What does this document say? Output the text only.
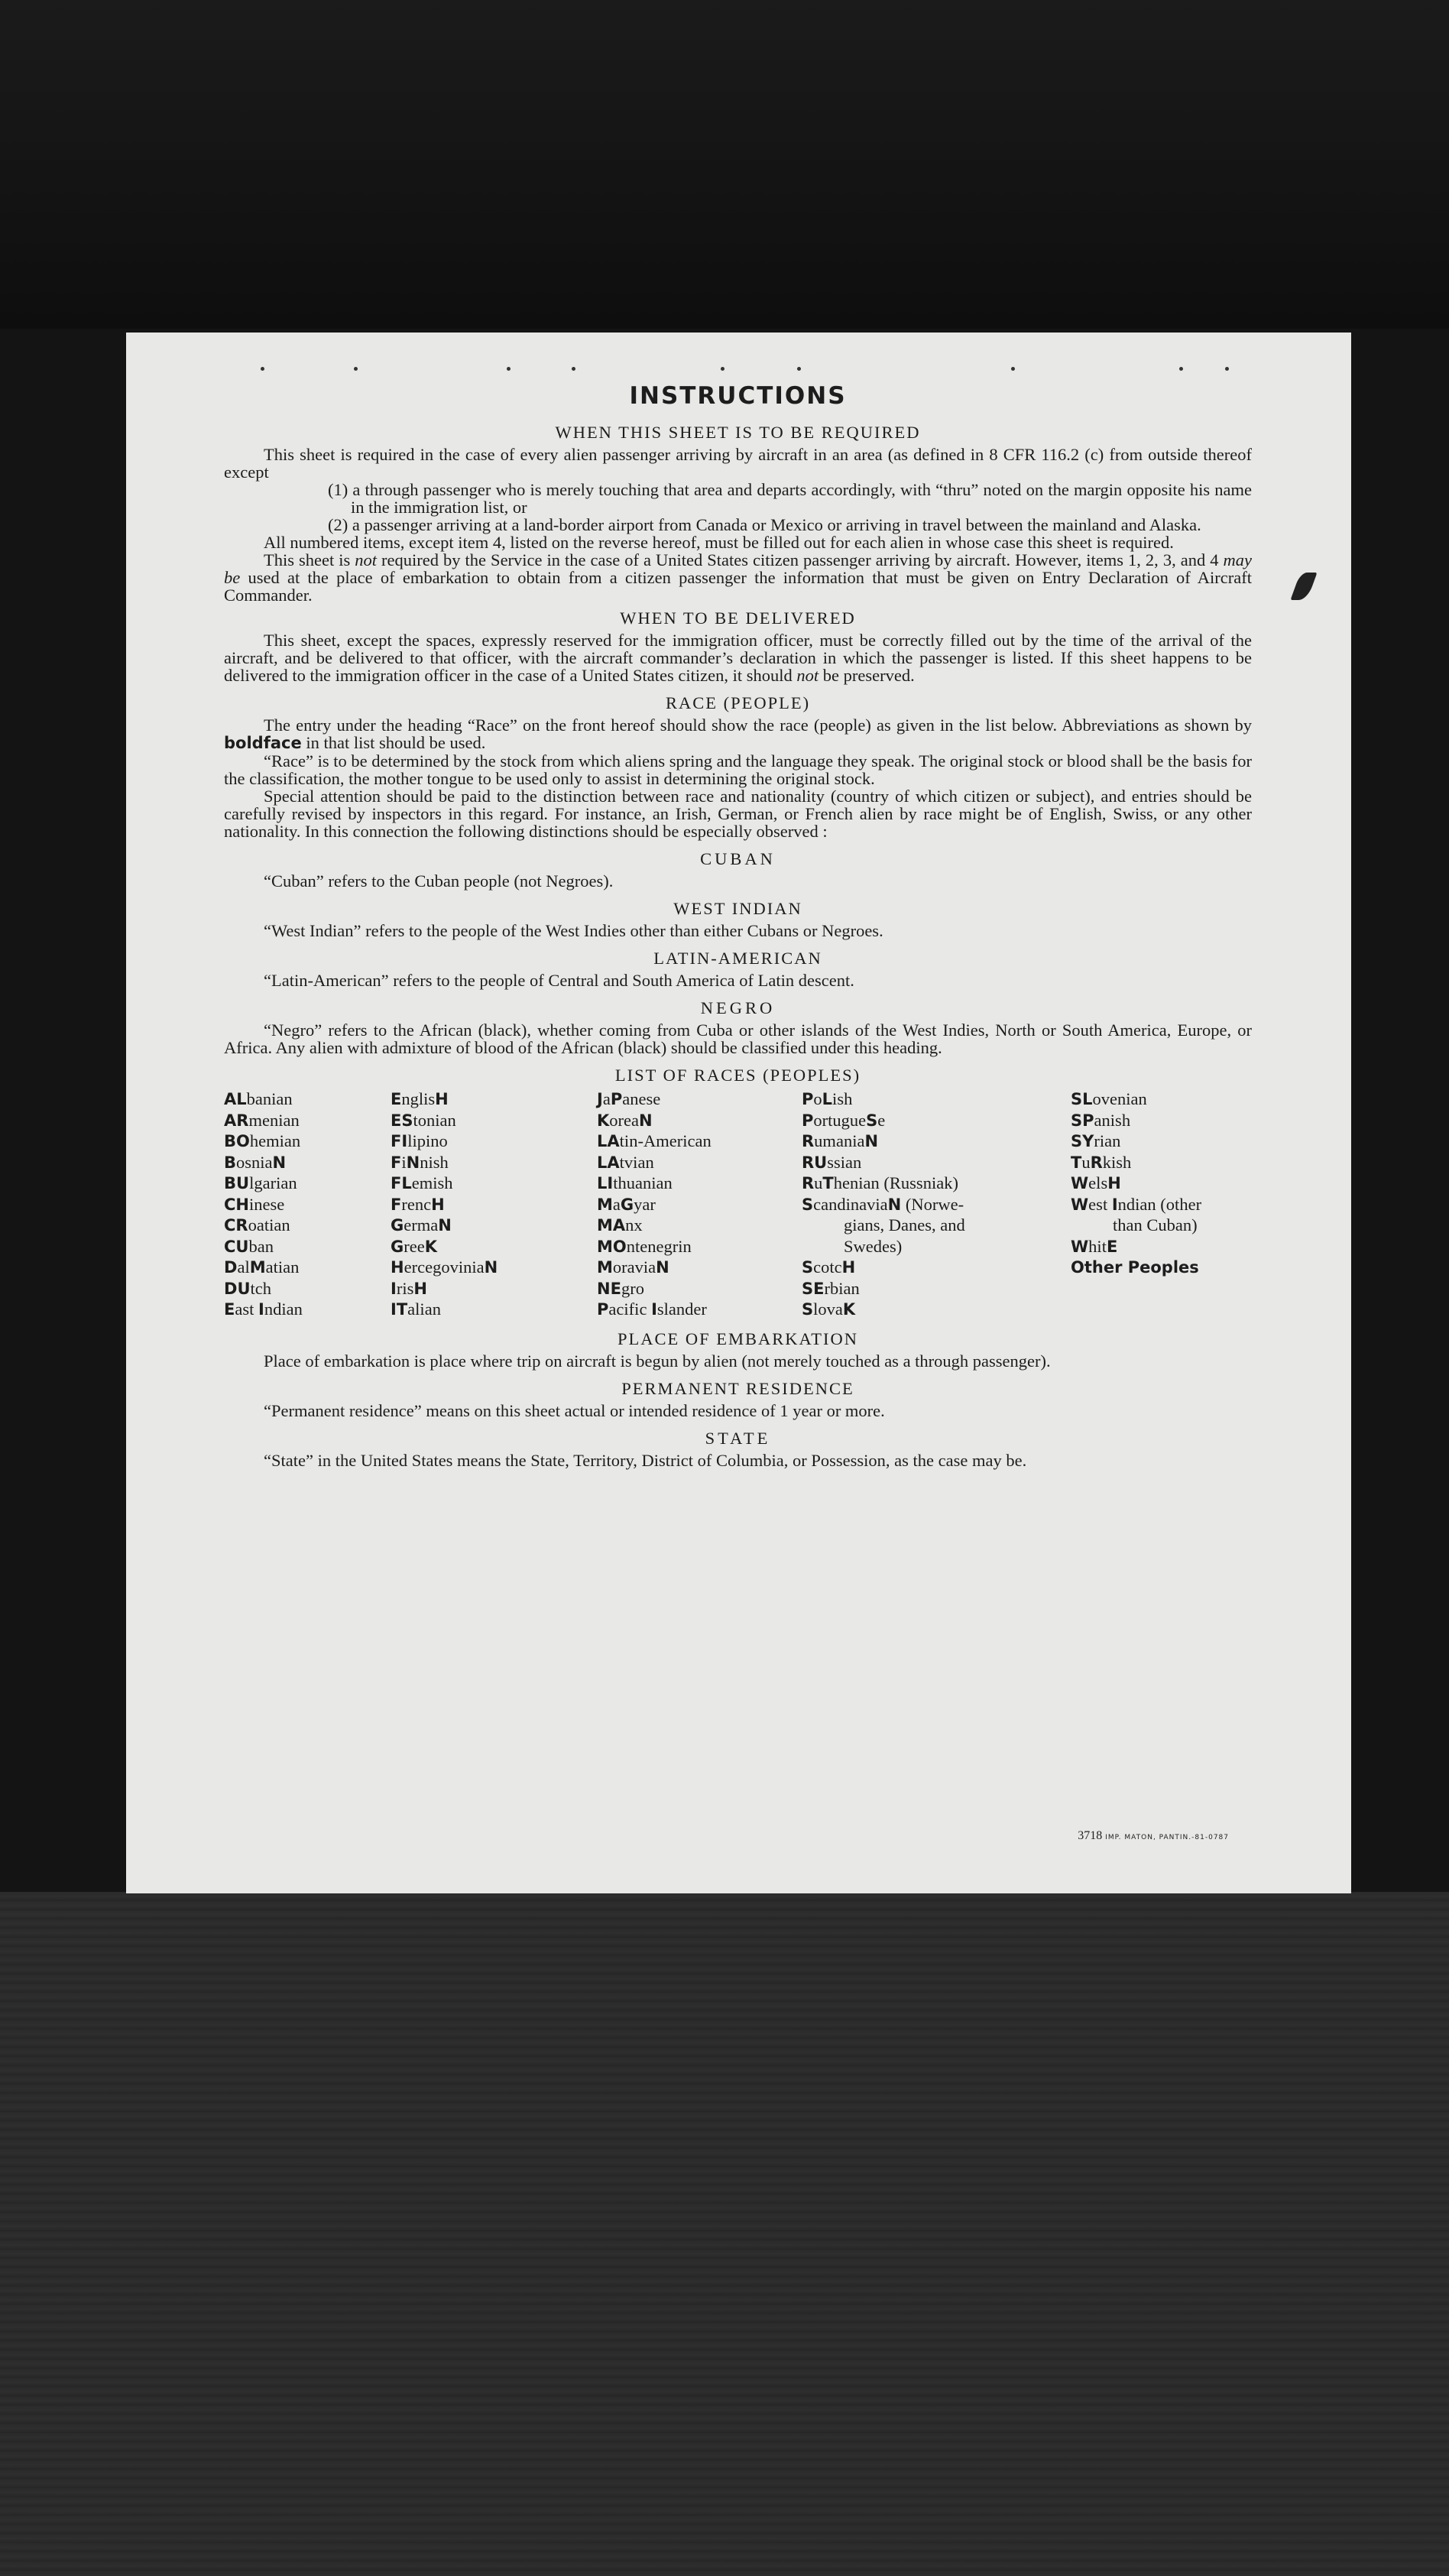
INSTRUCTIONS
WHEN THIS SHEET IS TO BE REQUIRED

This sheet is required in the case of every alien passenger arriving by aircraft in an area (as defined in 8 CFR 116.2 (c) from outside thereof except

(1) a through passenger who is merely touching that area and departs accordingly, with “thru” noted on the margin opposite his name in the immigration list, or

(2) a passenger arriving at a land-border airport from Canada or Mexico or arriving in travel between the mainland and Alaska.

All numbered items, except item 4, listed on the reverse hereof, must be filled out for each alien in whose case this sheet is required.

This sheet is not required by the Service in the case of a United States citizen passenger arriving by aircraft. However, items 1, 2, 3, and 4 may be used at the place of embarkation to obtain from a citizen passenger the information that must be given on Entry Declaration of Aircraft Commander.

WHEN TO BE DELIVERED

This sheet, except the spaces, expressly reserved for the immigration officer, must be correctly filled out by the time of the arrival of the aircraft, and be delivered to that officer, with the aircraft commander’s declaration in which the passenger is listed. If this sheet happens to be delivered to the immigration officer in the case of a United States citizen, it should not be preserved.

RACE (PEOPLE)

The entry under the heading “Race” on the front hereof should show the race (people) as given in the list below. Abbreviations as shown by boldface in that list should be used.

“Race” is to be determined by the stock from which aliens spring and the language they speak. The original stock or blood shall be the basis for the classification, the mother tongue to be used only to assist in determining the original stock.

Special attention should be paid to the distinction between race and nationality (country of which citizen or subject), and entries should be carefully revised by inspectors in this regard. For instance, an Irish, German, or French alien by race might be of English, Swiss, or any other nationality. In this connection the following distinctions should be especially observed :

CUBAN

“Cuban” refers to the Cuban people (not Negroes).

WEST INDIAN

“West Indian” refers to the people of the West Indies other than either Cubans or Negroes.

LATIN-AMERICAN

“Latin-American” refers to the people of Central and South America of Latin descent.

NEGRO

“Negro” refers to the African (black), whether coming from Cuba or other islands of the West Indies, North or South America, Europe, or Africa. Any alien with admixture of blood of the African (black) should be classified under this heading.

LIST OF RACES (PEOPLES)
ALbanian
ARmenian
BOhemian
BosniaN
BUlgarian
CHinese
CRoatian
CUban
DalMatian
DUtch
East Indian
EnglisH
EStonian
FIlipino
FiNnish
FLemish
FrencH
GermaN
GreeK
HercegoviniaN
IrisH
ITalian
JaPanese
KoreaN
LAtin-American
LAtvian
LIthuanian
MaGyar
MAnx
MOntenegrin
MoraviaN
NEgro
Pacific Islander
PoLish
PortugueSe
RumaniaN
RUssian
RuThenian (Russniak)
ScandinaviaN (Norwe-
gians, Danes, and
Swedes)
ScotcH
SErbian
SlovaK
SLovenian
SPanish
SYrian
TuRkish
WelsH
West Indian (other
than Cuban)
WhitE
Other Peoples
PLACE OF EMBARKATION

Place of embarkation is place where trip on aircraft is begun by alien (not merely touched as a through passenger).

PERMANENT RESIDENCE

“Permanent residence” means on this sheet actual or intended residence of 1 year or more.

STATE

“State” in the United States means the State, Territory, District of Columbia, or Possession, as the case may be.

3718 IMP. MATON, PANTIN.-81-0787
